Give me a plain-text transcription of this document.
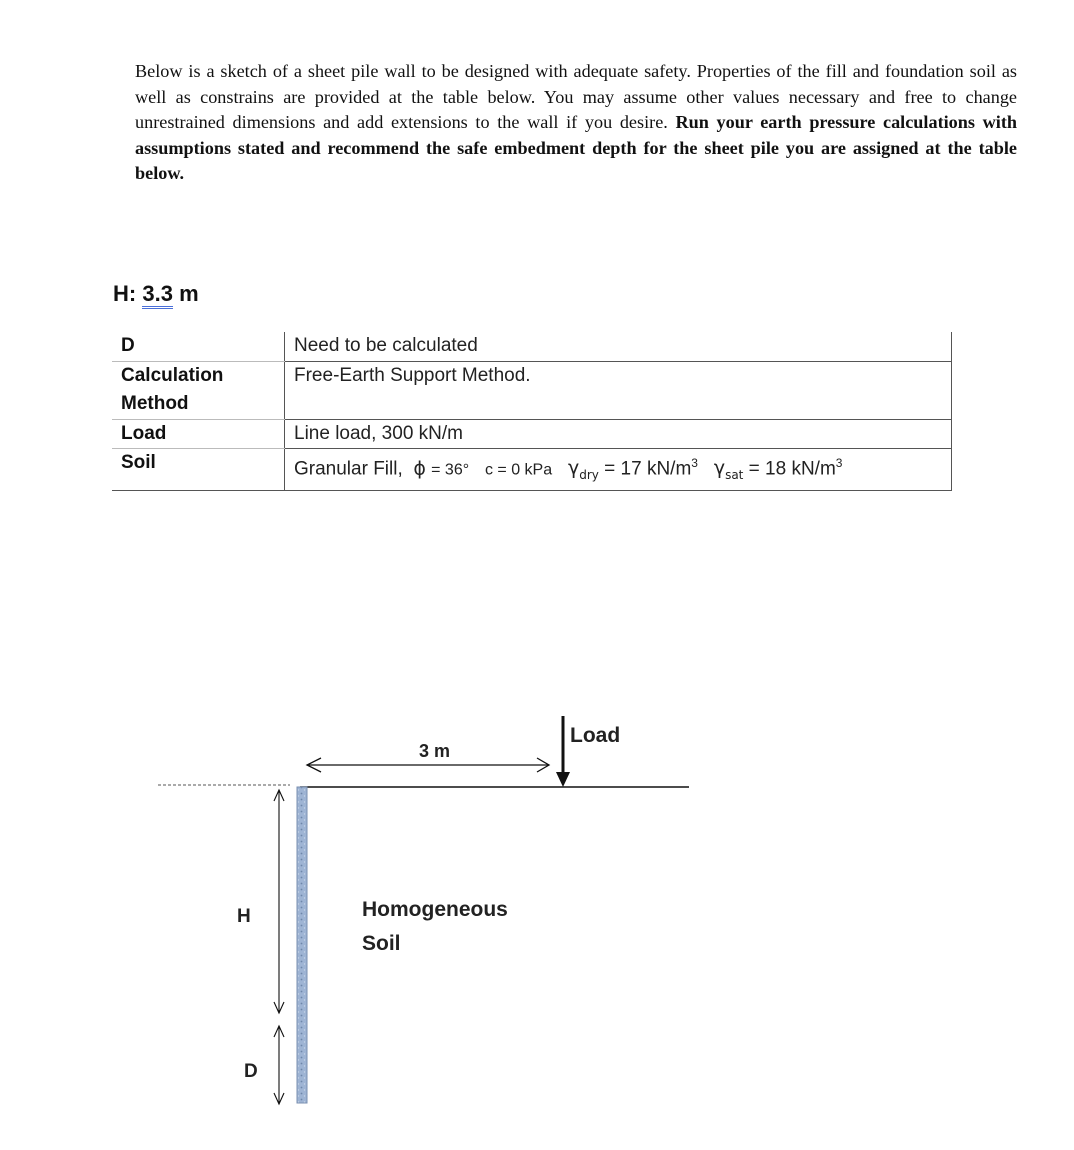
Below is a sketch of a sheet pile wall to be designed with adequate safety. Properties of the fill and foundation soil as well as constrains are provided at the table below. You may assume other values necessary and free to change unrestrained dimensions and add extensions to the wall if you desire. Run your earth pressure calculations with assumptions stated and recommend the safe embedment depth for the sheet pile you are assigned at the table below.
H: 3.3 m
D	Need to be calculated
Calculation Method	Free-Earth Support Method.
Load	Line load, 300 kN/m
Soil	Granular Fill, ϕ = 36° c = 0 kPa $\gamma_{dry} = 17$ $kN/m^3$ $\gamma_{sat} = 18$ $kN/m^3$
3 m
Load
Homogeneous
Soil
H
D
